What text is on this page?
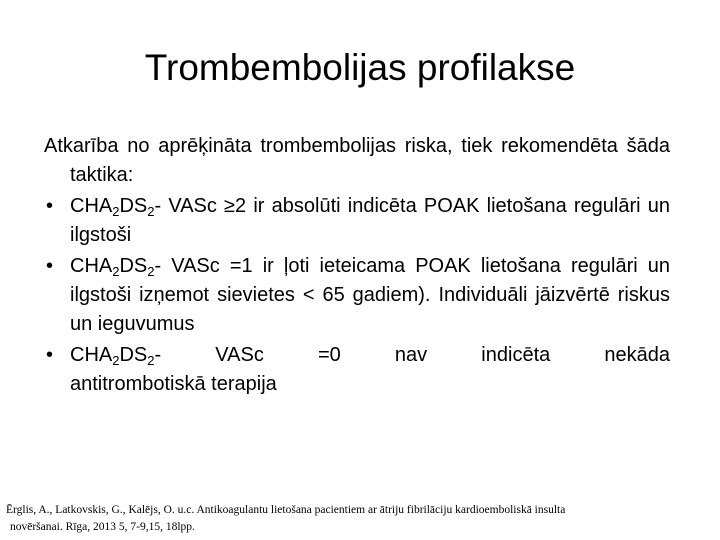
Trombembolijas profilakse

Atkarība no aprēķināta trombembolijas riska, tiek rekomendēta šāda taktika:

• $CHA_2DS_2-$ VASc ≥2 ir absolūti indicēta POAK lietošana regulāri un ilgstoši
• $CHA_2DS_2-$ VASc =1 ir ļoti ieteicama POAK lietošana regulāri un ilgstoši izņemot sievietes < 65 gadiem). Individuāli jāizvērtē riskus un ieguvumus
• $CHA_2DS_2-$ VASc =0 nav indicēta nekāda
antitrombotiskā terapija
Ērglis, A., Latkovskis, G., Kalējs, O. u.c. Antikoagulantu lietošana pacientiem ar ātriju fibrilāciju kardioemboliskā insulta
novēršanai. Rīga, 2013 5, 7-9,15, 18lpp.
